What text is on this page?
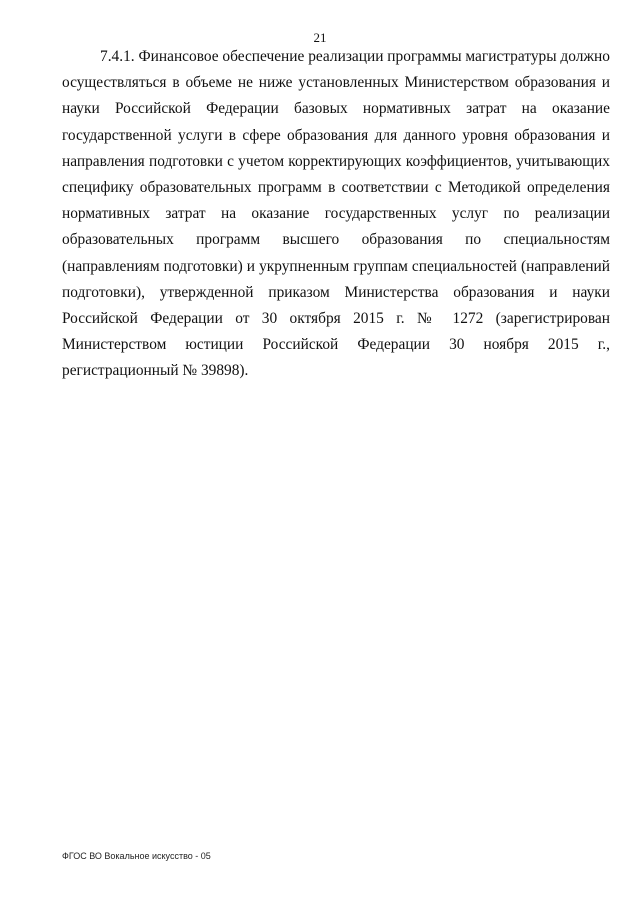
21

7.4.1. Финансовое обеспечение реализации программы магистратуры должно осуществляться в объеме не ниже установленных Министерством образования и науки Российской Федерации базовых нормативных затрат на оказание государственной услуги в сфере образования для данного уровня образования и направления подготовки с учетом корректирующих коэффициентов, учитывающих специфику образовательных программ в соответствии с Методикой определения нормативных затрат на оказание государственных услуг по реализации образовательных программ высшего образования по специальностям (направлениям подготовки) и укрупненным группам специальностей (направлений подготовки), утвержденной приказом Министерства образования и науки Российской Федерации от 30 октября 2015 г. № 1272 (зарегистрирован Министерством юстиции Российской Федерации 30 ноября 2015 г., регистрационный № 39898).

ФГОС ВО Вокальное искусство - 05
